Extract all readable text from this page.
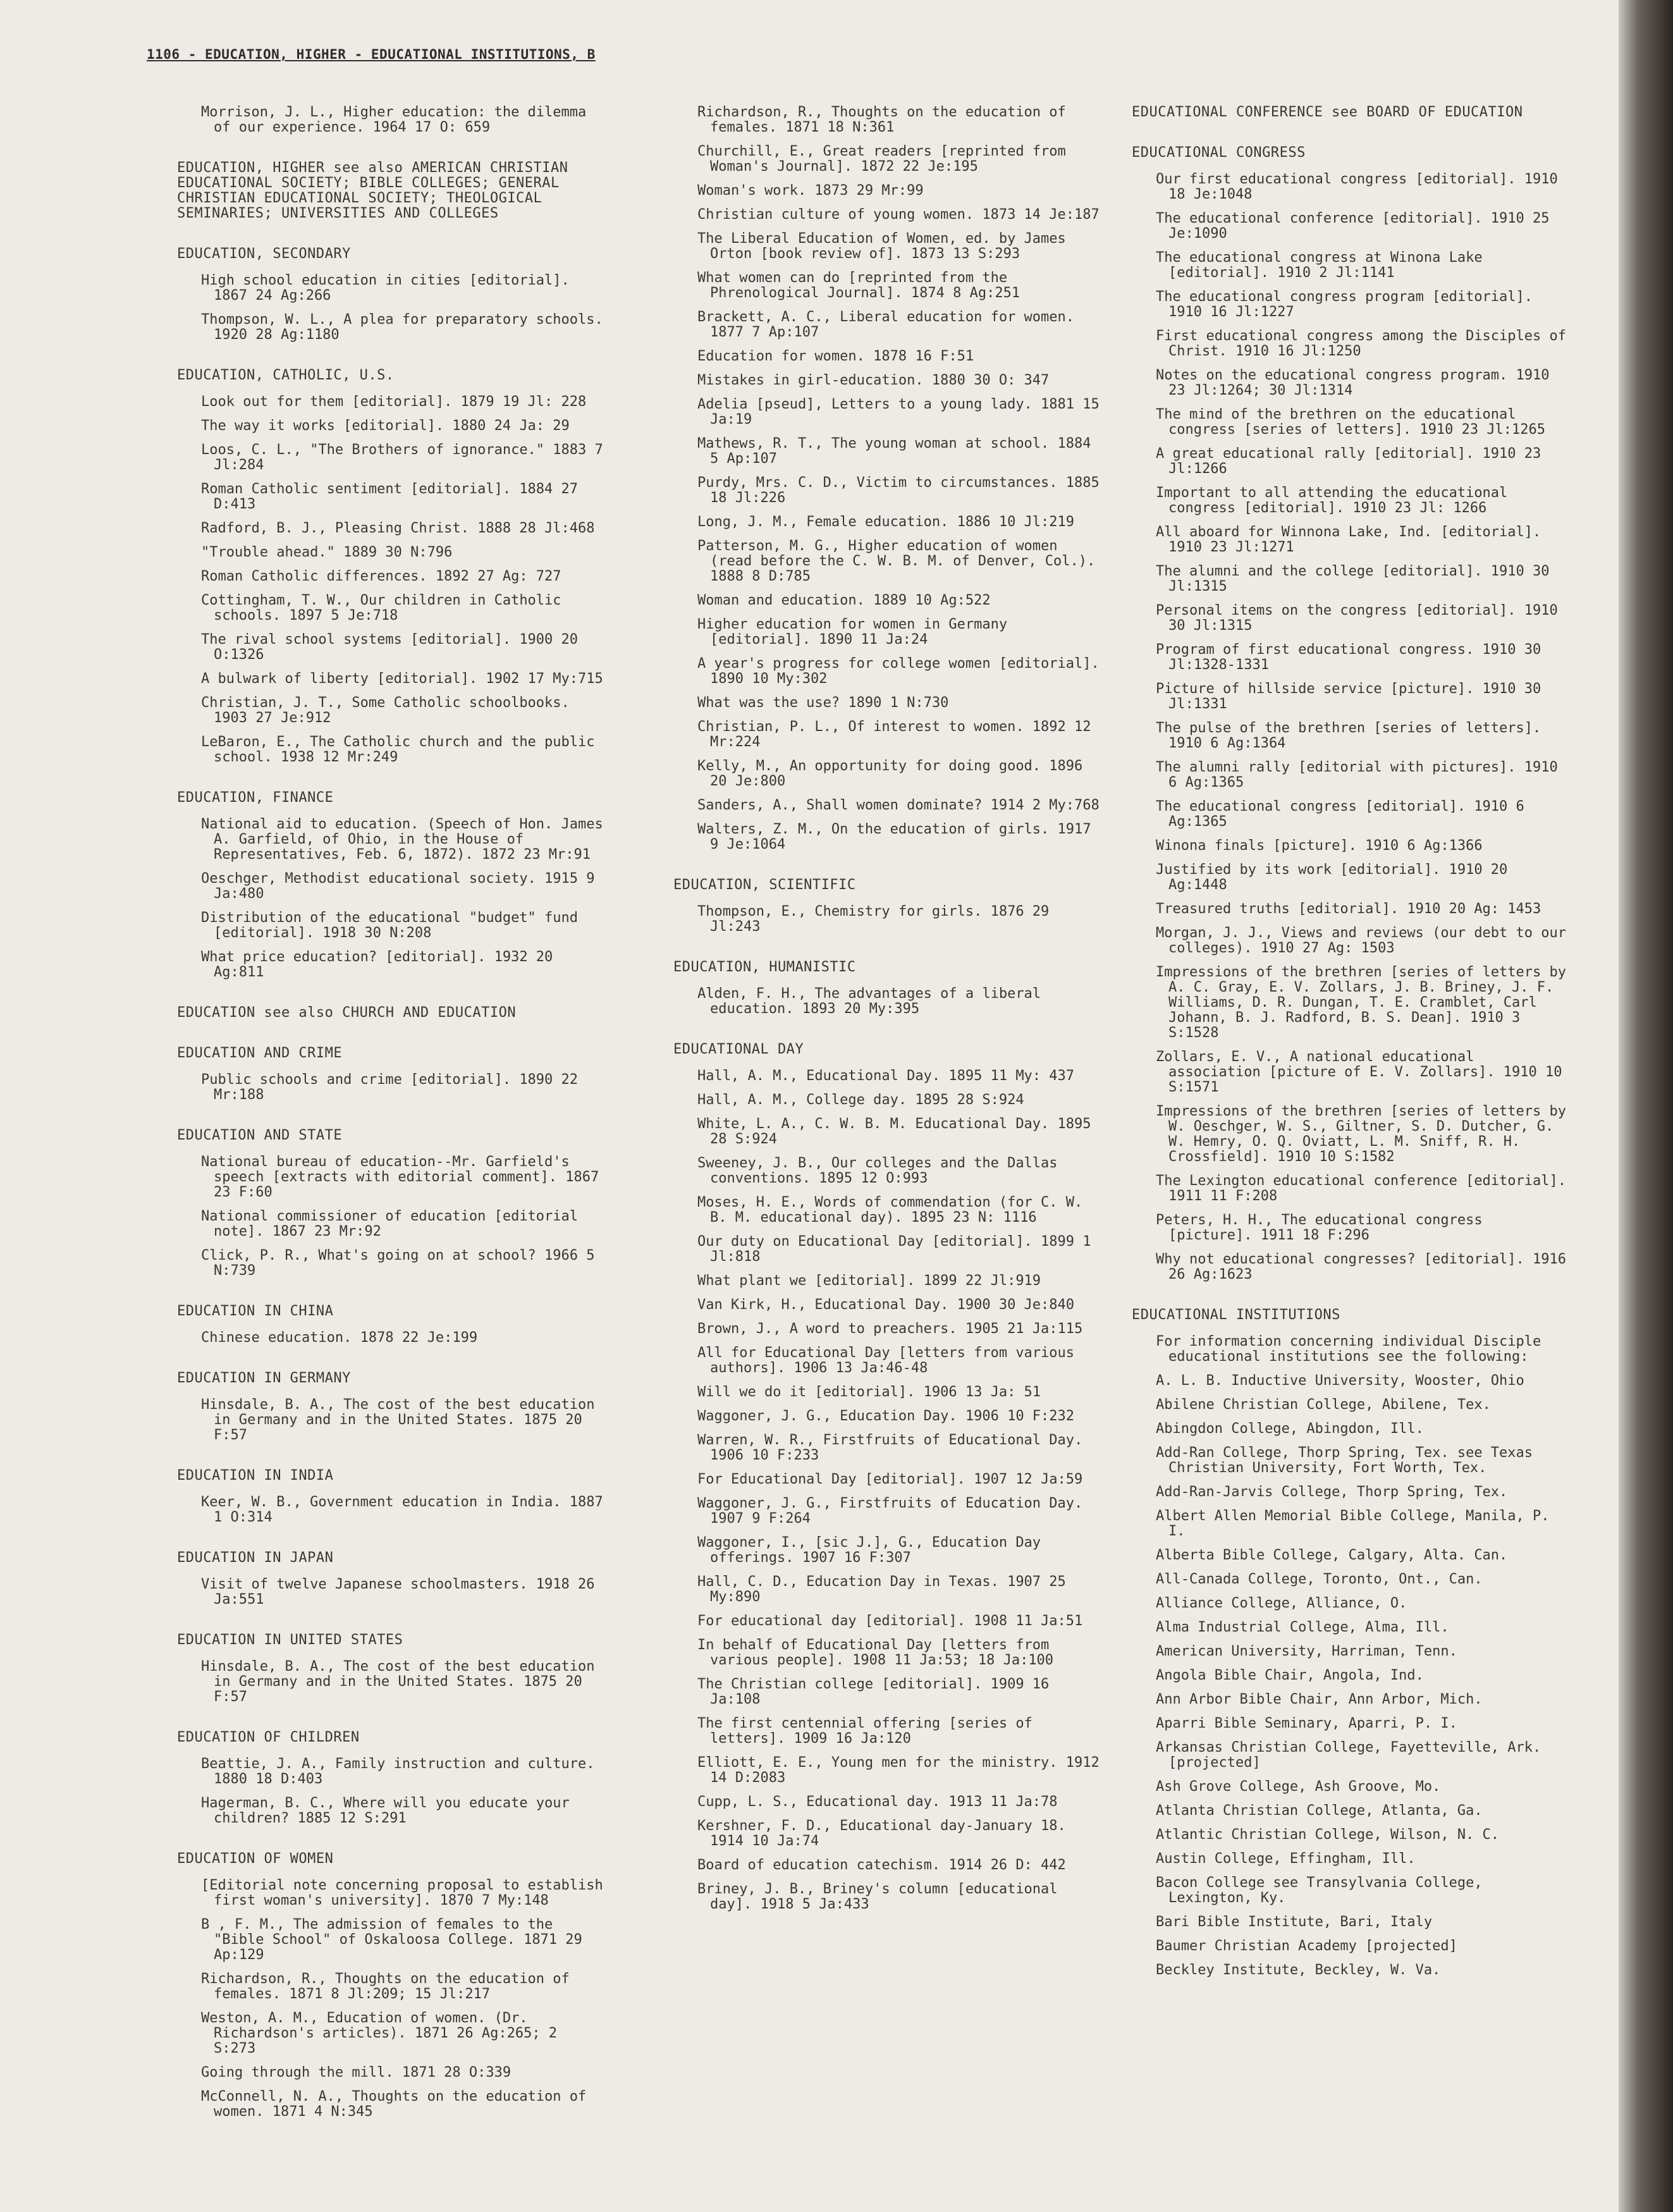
1106 - EDUCATION, HIGHER - EDUCATIONAL INSTITUTIONS, B
Morrison, J. L., Higher education: the dilemma of our experience. 1964 17 O: 659
EDUCATION, HIGHER see also AMERICAN CHRISTIAN EDUCATIONAL SOCIETY; BIBLE COLLEGES; GENERAL CHRISTIAN EDUCATIONAL SOCIETY; THEOLOGICAL SEMINARIES; UNIVERSITIES AND COLLEGES
EDUCATION, SECONDARY
High school education in cities [editorial]. 1867 24 Ag:266
Thompson, W. L., A plea for preparatory schools. 1920 28 Ag:1180
EDUCATION, CATHOLIC, U.S.
Look out for them [editorial]. 1879 19 Jl: 228
The way it works [editorial]. 1880 24 Ja: 29
Loos, C. L., "The Brothers of ignorance." 1883 7 Jl:284
Roman Catholic sentiment [editorial]. 1884 27 D:413
Radford, B. J., Pleasing Christ. 1888 28 Jl:468
"Trouble ahead." 1889 30 N:796
Roman Catholic differences. 1892 27 Ag: 727
Cottingham, T. W., Our children in Catholic schools. 1897 5 Je:718
The rival school systems [editorial]. 1900 20 O:1326
A bulwark of liberty [editorial]. 1902 17 My:715
Christian, J. T., Some Catholic schoolbooks. 1903 27 Je:912
LeBaron, E., The Catholic church and the public school. 1938 12 Mr:249
EDUCATION, FINANCE
National aid to education. (Speech of Hon. James A. Garfield, of Ohio, in the House of Representatives, Feb. 6, 1872). 1872 23 Mr:91
Oeschger, Methodist educational society. 1915 9 Ja:480
Distribution of the educational "budget" fund [editorial]. 1918 30 N:208
What price education? [editorial]. 1932 20 Ag:811
EDUCATION see also CHURCH AND EDUCATION
EDUCATION AND CRIME
Public schools and crime [editorial]. 1890 22 Mr:188
EDUCATION AND STATE
National bureau of education--Mr. Garfield's speech [extracts with editorial comment]. 1867 23 F:60
National commissioner of education [editorial note]. 1867 23 Mr:92
Click, P. R., What's going on at school? 1966 5 N:739
EDUCATION IN CHINA
Chinese education. 1878 22 Je:199
EDUCATION IN GERMANY
Hinsdale, B. A., The cost of the best education in Germany and in the United States. 1875 20 F:57
EDUCATION IN INDIA
Keer, W. B., Government education in India. 1887 1 O:314
EDUCATION IN JAPAN
Visit of twelve Japanese schoolmasters. 1918 26 Ja:551
EDUCATION IN UNITED STATES
Hinsdale, B. A., The cost of the best education in Germany and in the United States. 1875 20 F:57
EDUCATION OF CHILDREN
Beattie, J. A., Family instruction and culture. 1880 18 D:403
Hagerman, B. C., Where will you educate your children? 1885 12 S:291
EDUCATION OF WOMEN
[Editorial note concerning proposal to establish first woman's university]. 1870 7 My:148
B , F. M., The admission of females to the "Bible School" of Oskaloosa College. 1871 29 Ap:129
Richardson, R., Thoughts on the education of females. 1871 8 Jl:209; 15 Jl:217
Weston, A. M., Education of women. (Dr. Richardson's articles). 1871 26 Ag:265; 2 S:273
Going through the mill. 1871 28 O:339
McConnell, N. A., Thoughts on the education of women. 1871 4 N:345
Richardson, R., Thoughts on the education of females. 1871 18 N:361
Churchill, E., Great readers [reprinted from Woman's Journal]. 1872 22 Je:195
Woman's work. 1873 29 Mr:99
Christian culture of young women. 1873 14 Je:187
The Liberal Education of Women, ed. by James Orton [book review of]. 1873 13 S:293
What women can do [reprinted from the Phrenological Journal]. 1874 8 Ag:251
Brackett, A. C., Liberal education for women. 1877 7 Ap:107
Education for women. 1878 16 F:51
Mistakes in girl-education. 1880 30 O: 347
Adelia [pseud], Letters to a young lady. 1881 15 Ja:19
Mathews, R. T., The young woman at school. 1884 5 Ap:107
Purdy, Mrs. C. D., Victim to circumstances. 1885 18 Jl:226
Long, J. M., Female education. 1886 10 Jl:219
Patterson, M. G., Higher education of women (read before the C. W. B. M. of Denver, Col.). 1888 8 D:785
Woman and education. 1889 10 Ag:522
Higher education for women in Germany [editorial]. 1890 11 Ja:24
A year's progress for college women [editorial]. 1890 10 My:302
What was the use? 1890 1 N:730
Christian, P. L., Of interest to women. 1892 12 Mr:224
Kelly, M., An opportunity for doing good. 1896 20 Je:800
Sanders, A., Shall women dominate? 1914 2 My:768
Walters, Z. M., On the education of girls. 1917 9 Je:1064
EDUCATION, SCIENTIFIC
Thompson, E., Chemistry for girls. 1876 29 Jl:243
EDUCATION, HUMANISTIC
Alden, F. H., The advantages of a liberal education. 1893 20 My:395
EDUCATIONAL DAY
Hall, A. M., Educational Day. 1895 11 My: 437
Hall, A. M., College day. 1895 28 S:924
White, L. A., C. W. B. M. Educational Day. 1895 28 S:924
Sweeney, J. B., Our colleges and the Dallas conventions. 1895 12 O:993
Moses, H. E., Words of commendation (for C. W. B. M. educational day). 1895 23 N: 1116
Our duty on Educational Day [editorial]. 1899 1 Jl:818
What plant we [editorial]. 1899 22 Jl:919
Van Kirk, H., Educational Day. 1900 30 Je:840
Brown, J., A word to preachers. 1905 21 Ja:115
All for Educational Day [letters from various authors]. 1906 13 Ja:46-48
Will we do it [editorial]. 1906 13 Ja: 51
Waggoner, J. G., Education Day. 1906 10 F:232
Warren, W. R., Firstfruits of Educational Day. 1906 10 F:233
For Educational Day [editorial]. 1907 12 Ja:59
Waggoner, J. G., Firstfruits of Education Day. 1907 9 F:264
Waggoner, I., [sic J.], G., Education Day offerings. 1907 16 F:307
Hall, C. D., Education Day in Texas. 1907 25 My:890
For educational day [editorial]. 1908 11 Ja:51
In behalf of Educational Day [letters from various people]. 1908 11 Ja:53; 18 Ja:100
The Christian college [editorial]. 1909 16 Ja:108
The first centennial offering [series of letters]. 1909 16 Ja:120
Elliott, E. E., Young men for the ministry. 1912 14 D:2083
Cupp, L. S., Educational day. 1913 11 Ja:78
Kershner, F. D., Educational day-January 18. 1914 10 Ja:74
Board of education catechism. 1914 26 D: 442
Briney, J. B., Briney's column [educational day]. 1918 5 Ja:433
EDUCATIONAL CONFERENCE see BOARD OF EDUCATION
EDUCATIONAL CONGRESS
Our first educational congress [editorial]. 1910 18 Je:1048
The educational conference [editorial]. 1910 25 Je:1090
The educational congress at Winona Lake [editorial]. 1910 2 Jl:1141
The educational congress program [editorial]. 1910 16 Jl:1227
First educational congress among the Disciples of Christ. 1910 16 Jl:1250
Notes on the educational congress program. 1910 23 Jl:1264; 30 Jl:1314
The mind of the brethren on the educational congress [series of letters]. 1910 23 Jl:1265
A great educational rally [editorial]. 1910 23 Jl:1266
Important to all attending the educational congress [editorial]. 1910 23 Jl: 1266
All aboard for Winnona Lake, Ind. [editorial]. 1910 23 Jl:1271
The alumni and the college [editorial]. 1910 30 Jl:1315
Personal items on the congress [editorial]. 1910 30 Jl:1315
Program of first educational congress. 1910 30 Jl:1328-1331
Picture of hillside service [picture]. 1910 30 Jl:1331
The pulse of the brethren [series of letters]. 1910 6 Ag:1364
The alumni rally [editorial with pictures]. 1910 6 Ag:1365
The educational congress [editorial]. 1910 6 Ag:1365
Winona finals [picture]. 1910 6 Ag:1366
Justified by its work [editorial]. 1910 20 Ag:1448
Treasured truths [editorial]. 1910 20 Ag: 1453
Morgan, J. J., Views and reviews (our debt to our colleges). 1910 27 Ag: 1503
Impressions of the brethren [series of letters by A. C. Gray, E. V. Zollars, J. B. Briney, J. F. Williams, D. R. Dungan, T. E. Cramblet, Carl Johann, B. J. Radford, B. S. Dean]. 1910 3 S:1528
Zollars, E. V., A national educational association [picture of E. V. Zollars]. 1910 10 S:1571
Impressions of the brethren [series of letters by W. Oeschger, W. S., Giltner, S. D. Dutcher, G. W. Hemry, O. Q. Oviatt, L. M. Sniff, R. H. Crossfield]. 1910 10 S:1582
The Lexington educational conference [editorial]. 1911 11 F:208
Peters, H. H., The educational congress [picture]. 1911 18 F:296
Why not educational congresses? [editorial]. 1916 26 Ag:1623
EDUCATIONAL INSTITUTIONS
For information concerning individual Disciple educational institutions see the following:
A. L. B. Inductive University, Wooster, Ohio
Abilene Christian College, Abilene, Tex.
Abingdon College, Abingdon, Ill.
Add-Ran College, Thorp Spring, Tex. see Texas Christian University, Fort Worth, Tex.
Add-Ran-Jarvis College, Thorp Spring, Tex.
Albert Allen Memorial Bible College, Manila, P. I.
Alberta Bible College, Calgary, Alta. Can.
All-Canada College, Toronto, Ont., Can.
Alliance College, Alliance, O.
Alma Industrial College, Alma, Ill.
American University, Harriman, Tenn.
Angola Bible Chair, Angola, Ind.
Ann Arbor Bible Chair, Ann Arbor, Mich.
Aparri Bible Seminary, Aparri, P. I.
Arkansas Christian College, Fayetteville, Ark. [projected]
Ash Grove College, Ash Groove, Mo.
Atlanta Christian College, Atlanta, Ga.
Atlantic Christian College, Wilson, N. C.
Austin College, Effingham, Ill.
Bacon College see Transylvania College, Lexington, Ky.
Bari Bible Institute, Bari, Italy
Baumer Christian Academy [projected]
Beckley Institute, Beckley, W. Va.
